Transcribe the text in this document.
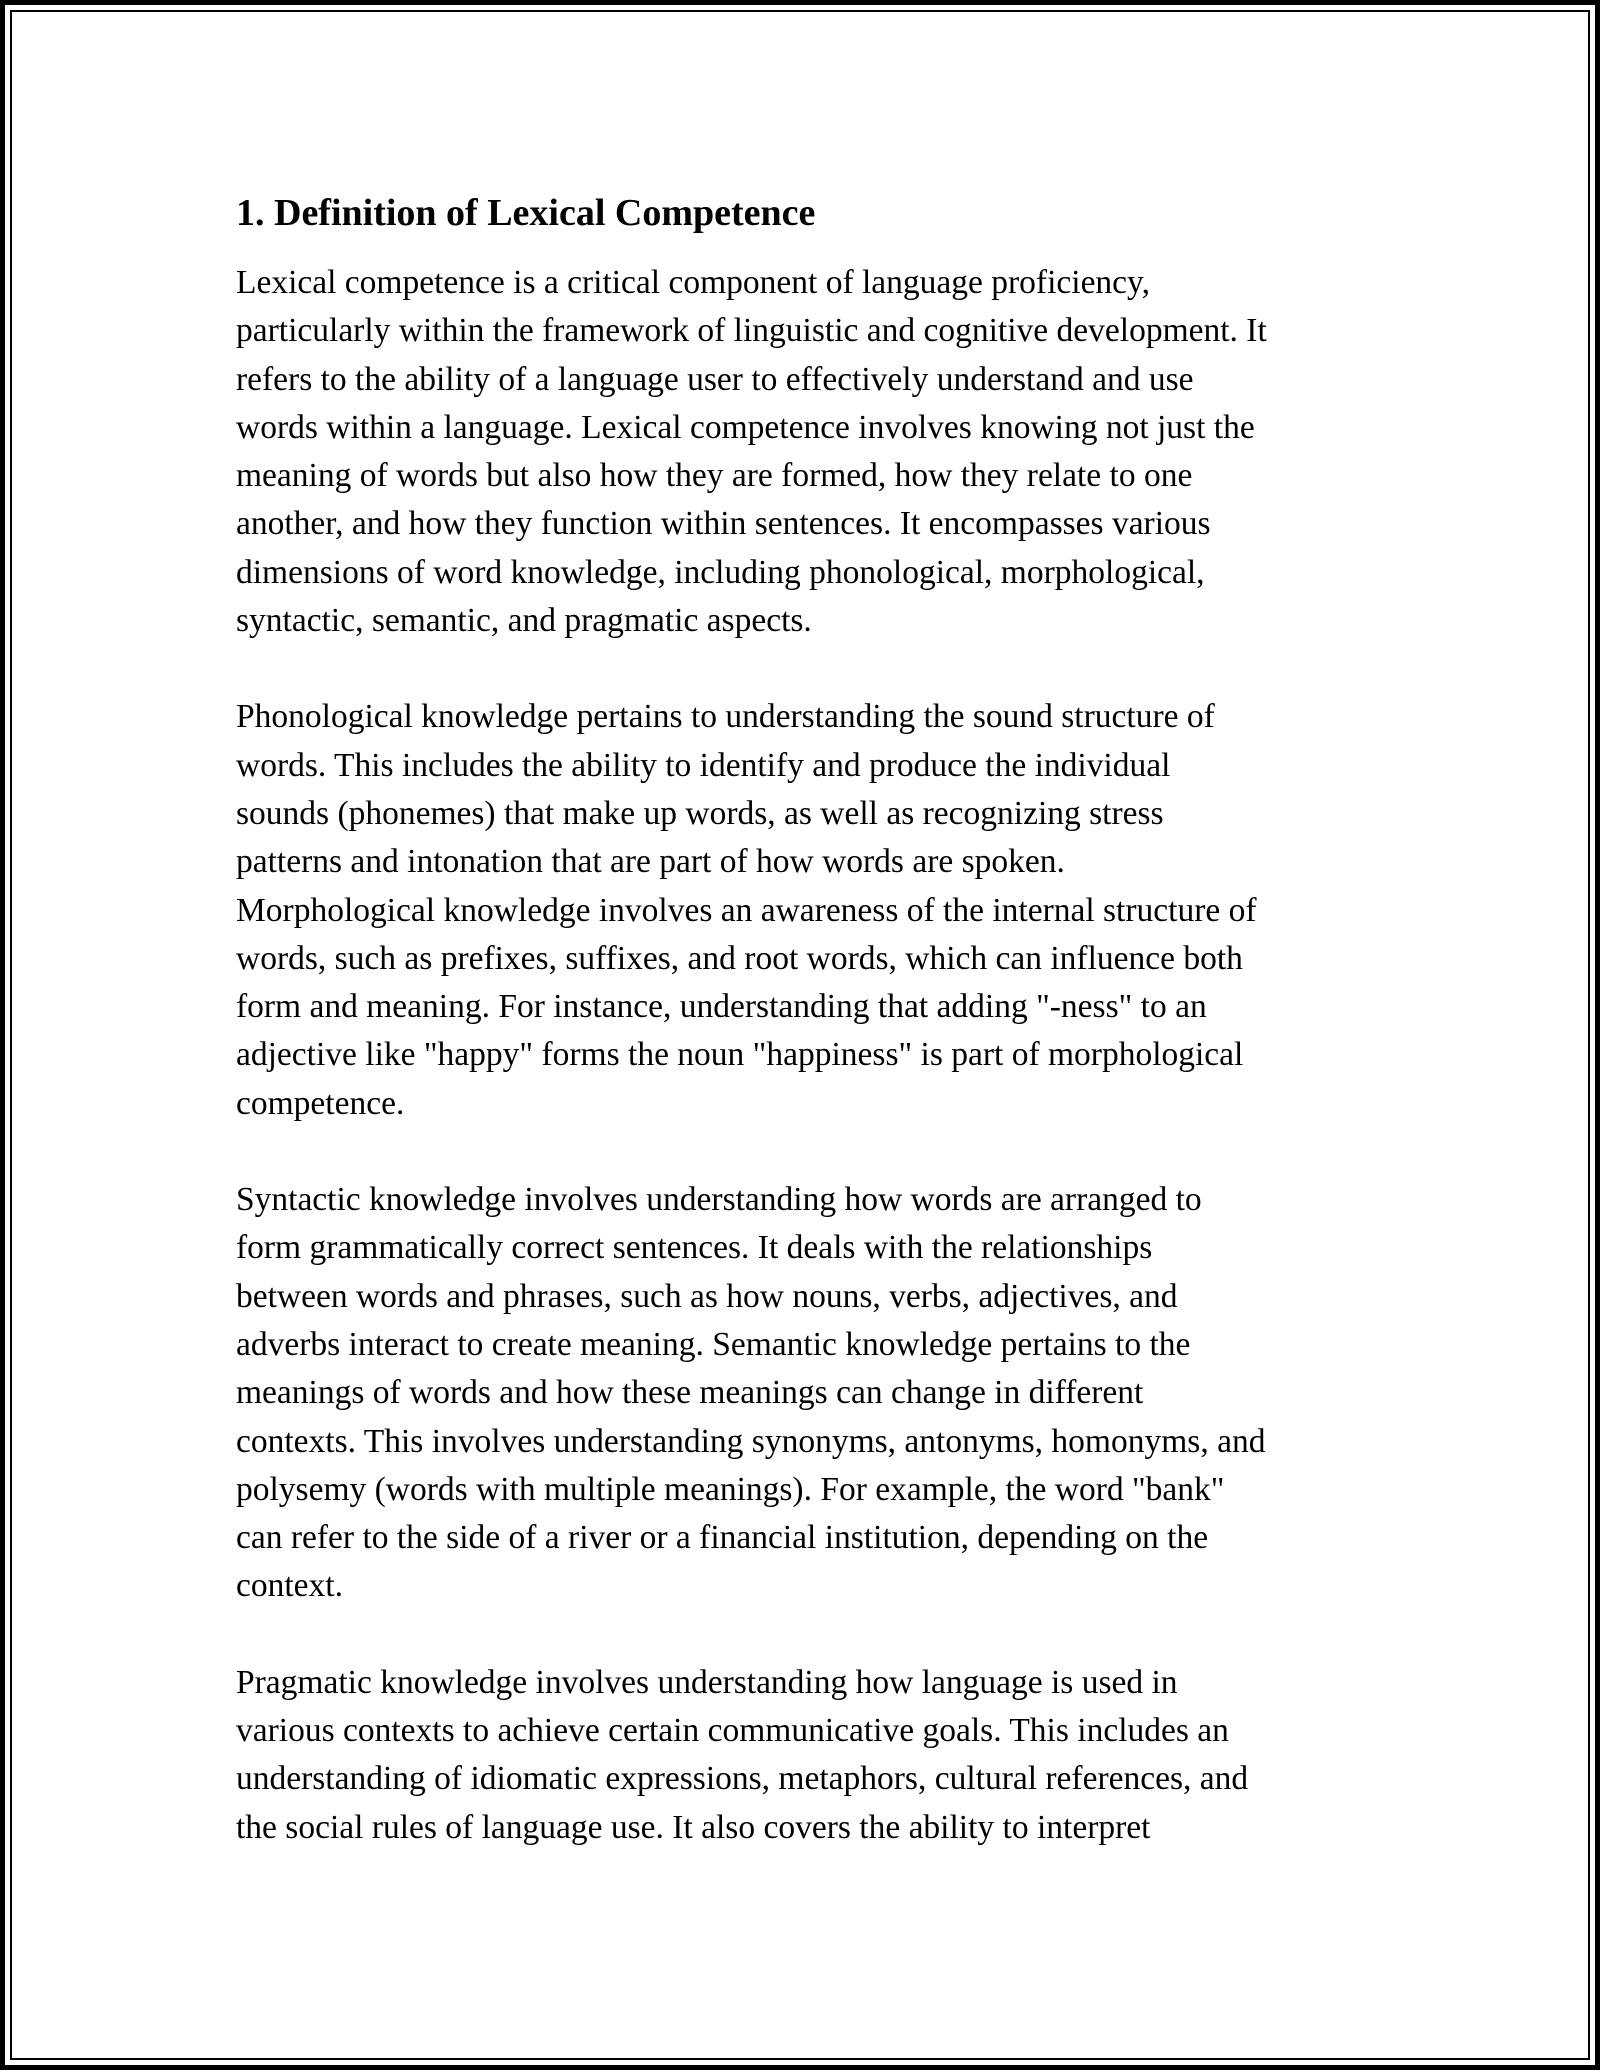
1. Definition of Lexical Competence

Lexical competence is a critical component of language proficiency,
particularly within the framework of linguistic and cognitive development. It
refers to the ability of a language user to effectively understand and use
words within a language. Lexical competence involves knowing not just the
meaning of words but also how they are formed, how they relate to one
another, and how they function within sentences. It encompasses various
dimensions of word knowledge, including phonological, morphological,
syntactic, semantic, and pragmatic aspects.

Phonological knowledge pertains to understanding the sound structure of
words. This includes the ability to identify and produce the individual
sounds (phonemes) that make up words, as well as recognizing stress
patterns and intonation that are part of how words are spoken.
Morphological knowledge involves an awareness of the internal structure of
words, such as prefixes, suffixes, and root words, which can influence both
form and meaning. For instance, understanding that adding "-ness" to an
adjective like "happy" forms the noun "happiness" is part of morphological
competence.

Syntactic knowledge involves understanding how words are arranged to
form grammatically correct sentences. It deals with the relationships
between words and phrases, such as how nouns, verbs, adjectives, and
adverbs interact to create meaning. Semantic knowledge pertains to the
meanings of words and how these meanings can change in different
contexts. This involves understanding synonyms, antonyms, homonyms, and
polysemy (words with multiple meanings). For example, the word "bank"
can refer to the side of a river or a financial institution, depending on the
context.

Pragmatic knowledge involves understanding how language is used in
various contexts to achieve certain communicative goals. This includes an
understanding of idiomatic expressions, metaphors, cultural references, and
the social rules of language use. It also covers the ability to interpret
